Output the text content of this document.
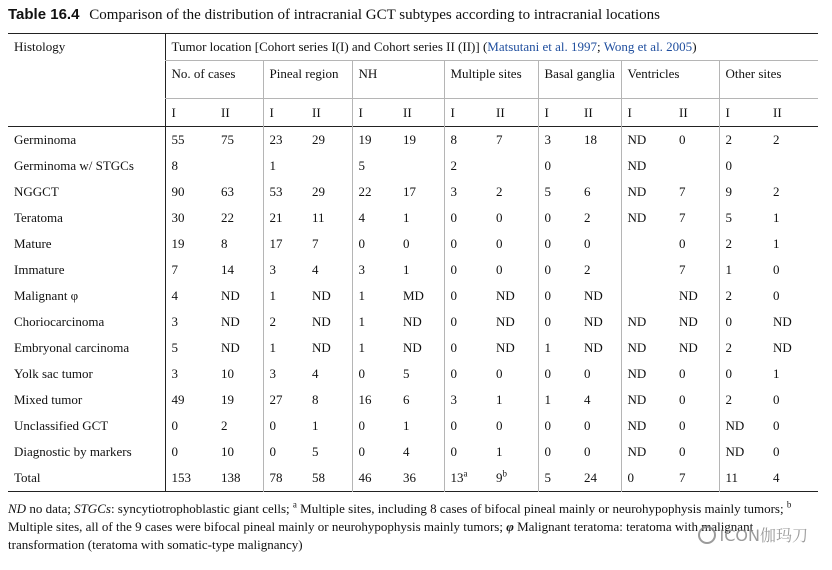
Table 16.4 Comparison of the distribution of intracranial GCT subtypes according to intracranial locations
Histology	Tumor location [Cohort series I(I) and Cohort series II (II)] (Matsutani et al. 1997; Wong et al. 2005)													
	No. of cases		Pineal region		NH		Multiple sites		Basal ganglia		Ventricles		Other sites	
	I	II	I	II	I	II	I	II	I	II	I	II	I	II
Germinoma	55	75	23	29	19	19	8	7	3	18	ND	0	2	2
Germinoma w/ STGCs	8		1		5		2		0		ND		0	
NGGCT	90	63	53	29	22	17	3	2	5	6	ND	7	9	2
Teratoma	30	22	21	11	4	1	0	0	0	2	ND	7	5	1
Mature	19	8	17	7	0	0	0	0	0	0		0	2	1
Immature	7	14	3	4	3	1	0	0	0	2		7	1	0
Malignant φ	4	ND	1	ND	1	MD	0	ND	0	ND		ND	2	0
Choriocarcinoma	3	ND	2	ND	1	ND	0	ND	0	ND	ND	ND	0	ND
Embryonal carcinoma	5	ND	1	ND	1	ND	0	ND	1	ND	ND	ND	2	ND
Yolk sac tumor	3	10	3	4	0	5	0	0	0	0	ND	0	0	1
Mixed tumor	49	19	27	8	16	6	3	1	1	4	ND	0	2	0
Unclassified GCT	0	2	0	1	0	1	0	0	0	0	ND	0	ND	0
Diagnostic by markers	0	10	0	5	0	4	0	1	0	0	ND	0	ND	0
Total	153	138	78	58	46	36	13$^a$	9$^b$	5	24	0	7	11	4
ND no data; STGCs: syncytiotrophoblastic giant cells; $^a$ Multiple sites, including 8 cases of bifocal pineal mainly or neurohypophysis mainly tumors; $^b$ Multiple sites, all of the 9 cases were bifocal pineal mainly or neurohypophysis mainly tumors; φ Malignant teratoma: teratoma with malignant transformation (teratoma with somatic-type malignancy)	ICON伽玛刀
